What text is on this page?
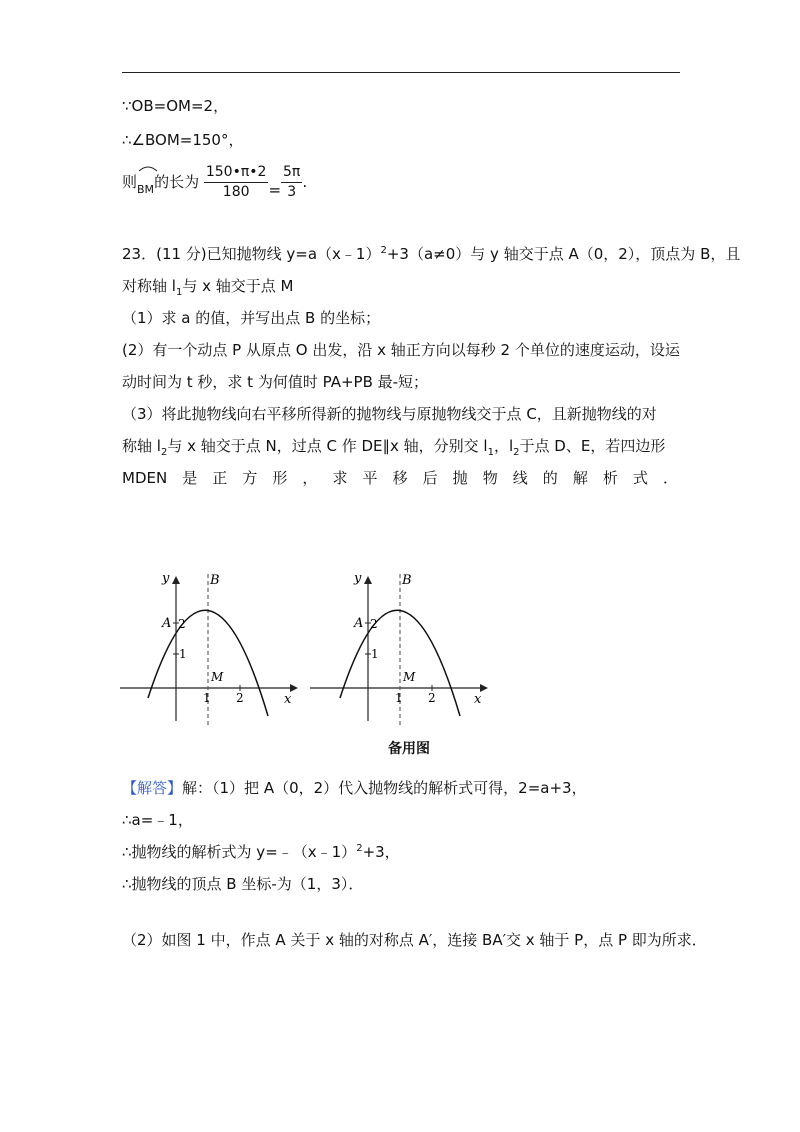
∵OB=OM=2，
∴∠BOM=150°，
则
BM的长为 $\frac{150•\pi•2}{180} = \frac{5\pi}{3}$ .
23．(11 分)已知抛物线 y=a（x﹣1）$^2$+3（a≠0）与 y 轴交于点 A（0，2），顶点为 B，且
对称轴 $l_1$与 x 轴交于点 M
（1）求 a 的值，并写出点 B 的坐标；
(2）有一个动点 P 从原点 O 出发，沿 x 轴正方向以每秒 2 个单位的速度运动，设运
动时间为 t 秒，求 t 为何值时 PA+PB 最-短；
（3）将此抛物线向右平移所得新的抛物线与原抛物线交于点 C，且新抛物线的对
称轴 $l_2$与 x 轴交于点 N，过点 C 作 DE∥x 轴，分别交 $l_1$，$l_2$于点 D、E，若四边形
MDEN 是 正 方 形 ， 求 平 移 后 抛 物 线 的 解 析 式 ．
y
x
B
A 2
1
M
1 2
y
x
B
A 2
1
M
1 2
备用图
【解答】解：（1）把 A（0，2）代入抛物线的解析式可得，2=a+3，
∴a=﹣1，
∴抛物线的解析式为 y=﹣（x﹣1）$^2$+3，
∴抛物线的顶点 B 坐标-为（1，3）．
（2）如图 1 中，作点 A 关于 x 轴的对称点 A′，连接 BA′交 x 轴于 P，点 P 即为所求．
